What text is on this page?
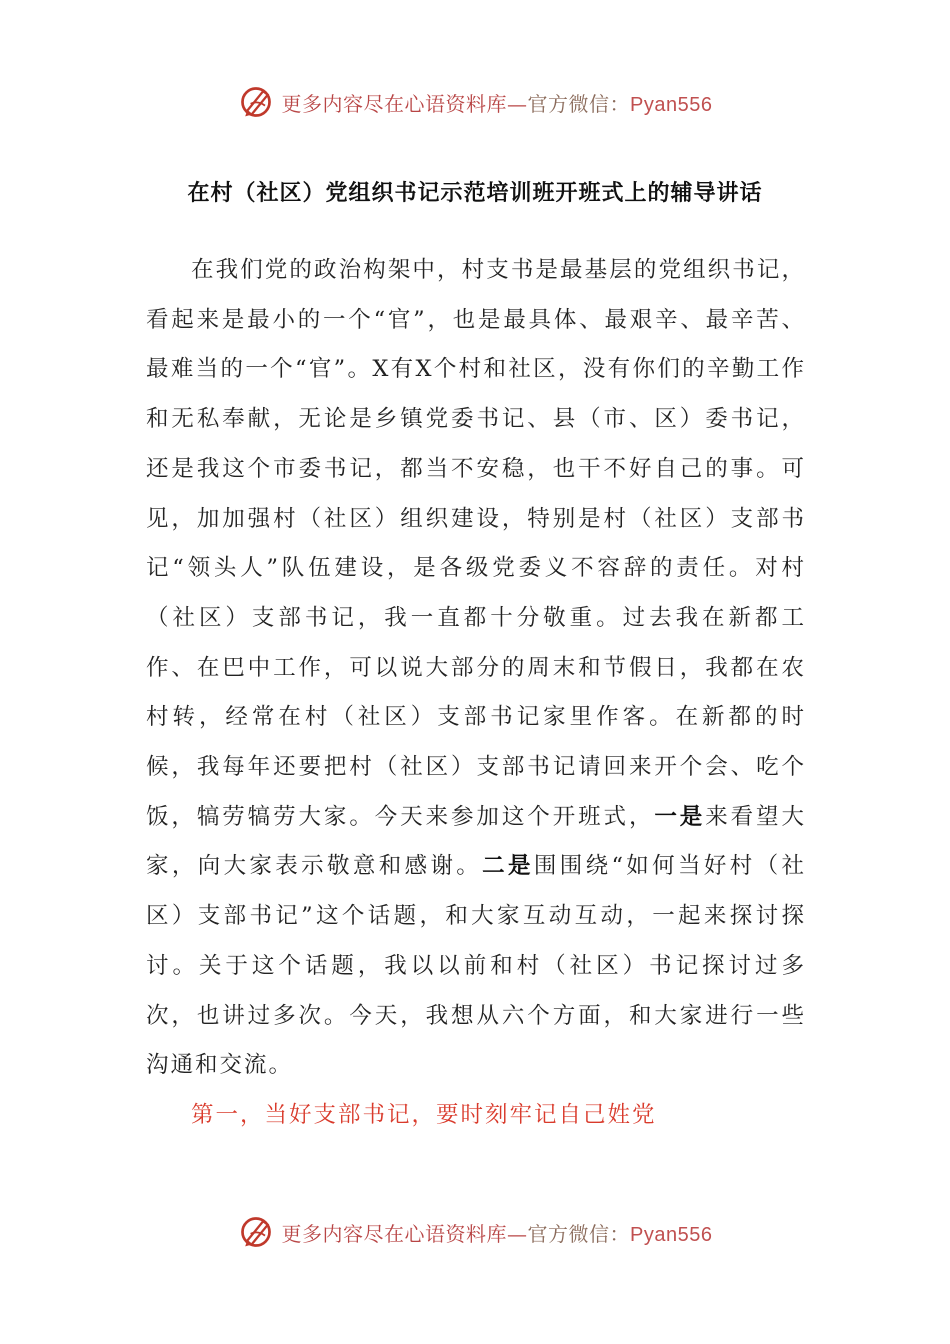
更多内容尽在心语资料库—官方微信：Pyan556
在村（社区）党组织书记示范培训班开班式上的辅导讲话

在我们党的政治构架中，村支书是最基层的党组织书记，看起来是最小的一个“官”，也是最具体、最艰辛、最辛苦、最难当的一个“官”。X有X个村和社区，没有你们的辛勤工作和无私奉献，无论是乡镇党委书记、县（市、区）委书记，还是我这个市委书记，都当不安稳，也干不好自己的事。可见，加加强村（社区）组织建设，特别是村（社区）支部书记“领头人”队伍建设，是各级党委义不容辞的责任。对村（社区）支部书记，我一直都十分敬重。过去我在新都工作、在巴中工作，可以说大部分的周末和节假日，我都在农村转，经常在村（社区）支部书记家里作客。在新都的时候，我每年还要把村（社区）支部书记请回来开个会、吃个饭，犒劳犒劳大家。今天来参加这个开班式，一是来看望大家，向大家表示敬意和感谢。二是围围绕“如何当好村（社区）支部书记”这个话题，和大家互动互动，一起来探讨探讨。关于这个话题，我以以前和村（社区）书记探讨过多次，也讲过多次。今天，我想从六个方面，和大家进行一些沟通和交流。

第一，当好支部书记，要时刻牢记自己姓党

更多内容尽在心语资料库—官方微信：Pyan556
